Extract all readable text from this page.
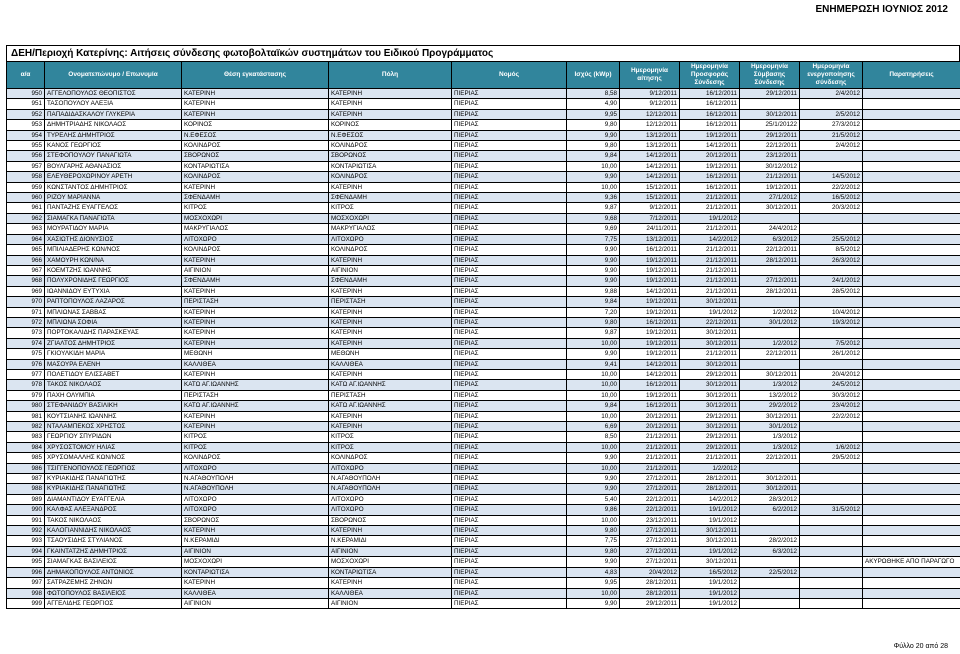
ΕΝΗΜΕΡΩΣΗ ΙΟΥΝΙΟΣ 2012
ΔΕΗ/Περιοχή Κατερίνης: Αιτήσεις σύνδεσης φωτοβολταϊκών συστημάτων του Ειδικού Προγράμματος
α/α	Ονοματεπώνυμο / Επωνυμία	Θέση εγκατάστασης	Πόλη	Νομός	Ισχύς (kWp)	Ημερομηνία αίτησης	Ημερομηνία Προσφοράς Σύνδεσης	Ημερομηνία Σύμβασης Σύνδεσης	Ημερομηνία ενεργοποίησης σύνδεσης	Παρατηρήσεις
950	ΑΓΓΕΛΟΠΟΥΛΟΣ ΘΕΟΠΙΣΤΟΣ	ΚΑΤΕΡΙΝΗ	ΚΑΤΕΡΙΝΗ	ΠΙΕΡΙΑΣ	8,58	9/12/2011	16/12/2011	29/12/2011	2/4/2012	
951	ΤΑΣΟΠΟΥΛΟΥ ΑΛΕΞΙΑ	ΚΑΤΕΡΙΝΗ	ΚΑΤΕΡΙΝΗ	ΠΙΕΡΙΑΣ	4,90	9/12/2011	16/12/2011			
952	ΠΑΠΑΔΙΔΑΣΚΑΛΟΥ ΓΛΥΚΕΡΙΑ	ΚΑΤΕΡΙΝΗ	ΚΑΤΕΡΙΝΗ	ΠΙΕΡΙΑΣ	9,95	12/12/2011	16/12/2011	30/12/2011	2/5/2012	
953	ΔΗΜΗΤΡΙΑΔΗΣ ΝΙΚΟΛΑΟΣ	ΚΟΡΙΝΟΣ	ΚΟΡΙΝΟΣ	ΠΙΕΡΙΑΣ	9,80	12/12/2011	16/12/2011	25/1/20122	27/3/2012	
954	ΤΥΡΕΛΗΣ ΔΗΜΗΤΡΙΟΣ	Ν.ΕΦΕΣΟΣ	Ν.ΕΦΕΣΟΣ	ΠΙΕΡΙΑΣ	9,90	13/12/2011	19/12/2011	29/12/2011	21/5/2012	
955	ΚΑΝΟΣ ΓΕΩΡΓΙΟΣ	ΚΟΛΙΝΔΡΟΣ	ΚΟΛΙΝΔΡΟΣ	ΠΙΕΡΙΑΣ	9,80	13/12/2011	14/12/2011	22/12/2011	2/4/2012	
956	ΣΤΕΦΟΠΟΥΛΟΥ ΠΑΝΑΓΙΩΤΑ	ΣΒΟΡΩΝΟΣ	ΣΒΟΡΩΝΟΣ	ΠΙΕΡΙΑΣ	9,84	14/12/2011	20/12/2011	23/12/2011		
957	ΒΟΥΛΓΑΡΗΣ ΑΘΑΝΑΣΙΟΣ	ΚΟΝΤΑΡΙΩΤΙΣΑ	ΚΟΝΤΑΡΙΩΤΙΣΑ	ΠΙΕΡΙΑΣ	10,00	14/12/2011	19/12/2011	30/12/2012		
958	ΕΛΕΥΘΕΡΟΧΩΡΙΝΟΥ ΑΡΕΤΗ	ΚΟΛΙΝΔΡΟΣ	ΚΟΛΙΝΔΡΟΣ	ΠΙΕΡΙΑΣ	9,90	14/12/2011	16/12/2011	21/12/2011	14/5/2012	
959	ΚΩΝΣΤΑΝΤΟΣ ΔΗΜΗΤΡΙΟΣ	ΚΑΤΕΡΙΝΗ	ΚΑΤΕΡΙΝΗ	ΠΙΕΡΙΑΣ	10,00	15/12/2011	16/12/2011	19/12/2011	22/2/2012	
960	ΡΙΖΟΥ ΜΑΡΙΑΝΝΑ	ΣΦΕΝΔΑΜΗ	ΣΦΕΝΔΑΜΗ	ΠΙΕΡΙΑΣ	9,36	15/12/2011	21/12/2011	27/1/2012	16/5/2012	
961	ΠΑΝΤΑΖΗΣ ΕΥΑΓΓΕΛΟΣ	ΚΙΤΡΟΣ	ΚΙΤΡΟΣ	ΠΙΕΡΙΑΣ	9,87	9/12/2011	21/12/2011	30/12/2011	20/3/2012	
962	ΣΙΑΜΑΓΚΑ ΠΑΝΑΓΙΩΤΑ	ΜΟΣΧΟΧΩΡΙ	ΜΟΣΧΟΧΩΡΙ	ΠΙΕΡΙΑΣ	9,68	7/12/2011	19/1/2012			
963	ΜΟΥΡΑΤΙΔΟΥ ΜΑΡΙΑ	ΜΑΚΡΥΓΙΑΛΟΣ	ΜΑΚΡΥΓΙΑΛΟΣ	ΠΙΕΡΙΑΣ	9,69	24/11/2011	21/12/2011	24/4/2012		
964	ΧΑΣΙΩΤΗΣ ΔΙΟΝΥΣΙΟΣ	ΛΙΤΟΧΩΡΟ	ΛΙΤΟΧΩΡΟ	ΠΙΕΡΙΑΣ	7,75	13/12/2011	14/2/2012	6/3/2012	25/5/2012	
965	ΜΠΙΛΙΑΔΕΡΗΣ ΚΩΝ/ΝΟΣ	ΚΟΛΙΝΔΡΟΣ	ΚΟΛΙΝΔΡΟΣ	ΠΙΕΡΙΑΣ	9,90	16/12/2011	21/12/2011	22/12/2011	8/5/2012	
966	ΧΑΜΟΥΡΗ ΚΩΝ/ΝΑ	ΚΑΤΕΡΙΝΗ	ΚΑΤΕΡΙΝΗ	ΠΙΕΡΙΑΣ	9,90	19/12/2011	21/12/2011	28/12/2011	26/3/2012	
967	ΚΟΕΜΤΖΗΣ ΙΩΑΝΝΗΣ	ΑΙΓΙΝΙΟΝ	ΑΙΓΙΝΙΟΝ	ΠΙΕΡΙΑΣ	9,90	19/12/2011	21/12/2011			
968	ΠΟΛΥΧΡΟΝΙΔΗΣ ΓΕΩΡΓΙΟΣ	ΣΦΕΝΔΑΜΗ	ΣΦΕΝΔΑΜΗ	ΠΙΕΡΙΑΣ	9,90	19/12/2011	21/12/2011	27/12/2011	24/1/2012	
969	ΙΩΑΝΝΙΔΟΥ ΕΥΤΥΧΙΑ	ΚΑΤΕΡΙΝΗ	ΚΑΤΕΡΙΝΗ	ΠΙΕΡΙΑΣ	9,88	14/12/2011	21/12/2011	28/12/2011	28/5/2012	
970	ΡΑΠΤΟΠΟΥΛΟΣ ΛΑΖΑΡΟΣ	ΠΕΡΙΣΤΑΣΗ	ΠΕΡΙΣΤΑΣΗ	ΠΙΕΡΙΑΣ	9,84	19/12/2011	30/12/2011			
971	ΜΠΛΙΩΝΑΣ ΣΑΒΒΑΣ	ΚΑΤΕΡΙΝΗ	ΚΑΤΕΡΙΝΗ	ΠΙΕΡΙΑΣ	7,20	19/12/2011	19/1/2012	1/2/2012	10/4/2012	
972	ΜΠΛΙΩΝΑ ΣΟΦΙΑ	ΚΑΤΕΡΙΝΗ	ΚΑΤΕΡΙΝΗ	ΠΙΕΡΙΑΣ	9,80	16/12/2011	22/12/2011	30/1/2012	19/3/2012	
973	ΠΟΡΤΟΚΑΛΙΔΗΣ ΠΑΡΑΣΚΕΥΑΣ	ΚΑΤΕΡΙΝΗ	ΚΑΤΕΡΙΝΗ	ΠΙΕΡΙΑΣ	9,87	19/12/2011	30/12/2011			
974	ΖΓΙΑΛΤΟΣ ΔΗΜΗΤΡΙΟΣ	ΚΑΤΕΡΙΝΗ	ΚΑΤΕΡΙΝΗ	ΠΙΕΡΙΑΣ	10,00	19/12/2011	30/12/2011	1/2/2012	7/5/2012	
975	ΓΚΙΟΥΛΚΙΔΗ ΜΑΡΙΑ	ΜΕΘΩΝΗ	ΜΕΘΩΝΗ	ΠΙΕΡΙΑΣ	9,90	19/12/2011	21/12/2011	22/12/2011	26/1/2012	
976	ΜΑΣΟΥΡΑ ΕΛΕΝΗ	ΚΑΛΛΙΘΕΑ	ΚΑΛΛΙΘΕΑ	ΠΙΕΡΙΑΣ	9,41	14/12/2011	30/12/2011			
977	ΠΟΛΕΤΙΔΟΥ ΕΛΙΣΣΑΒΕΤ	ΚΑΤΕΡΙΝΗ	ΚΑΤΕΡΙΝΗ	ΠΙΕΡΙΑΣ	10,00	14/12/2011	29/12/2011	30/12/2011	20/4/2012	
978	ΤΑΚΟΣ ΝΙΚΟΛΑΟΣ	ΚΑΤΩ ΑΓ.ΙΩΑΝΝΗΣ	ΚΑΤΩ ΑΓ.ΙΩΑΝΝΗΣ	ΠΙΕΡΙΑΣ	10,00	16/12/2011	30/12/2011	1/3/2012	24/5/2012	
979	ΠΑΧΗ ΟΛΥΜΠΙΑ	ΠΕΡΙΣΤΑΣΗ	ΠΕΡΙΣΤΑΣΗ	ΠΙΕΡΙΑΣ	10,00	19/12/2011	30/12/2011	13/2/2012	30/3/2012	
980	ΣΤΕΦΑΝΙΔΟΥ ΒΑΣΙΛΙΚΗ	ΚΑΤΩ ΑΓ.ΙΩΑΝΝΗΣ	ΚΑΤΩ ΑΓ.ΙΩΑΝΝΗΣ	ΠΙΕΡΙΑΣ	9,84	16/12/2011	30/12/2011	29/2/2012	23/4/2012	
981	ΚΟΥΤΣΙΑΝΗΣ ΙΩΑΝΝΗΣ	ΚΑΤΕΡΙΝΗ	ΚΑΤΕΡΙΝΗ	ΠΙΕΡΙΑΣ	10,00	20/12/2011	29/12/2011	30/12/2011	22/2/2012	
982	ΝΤΑΛΑΜΠΕΚΟΣ ΧΡΗΣΤΟΣ	ΚΑΤΕΡΙΝΗ	ΚΑΤΕΡΙΝΗ	ΠΙΕΡΙΑΣ	6,69	20/12/2011	30/12/2011	30/1/2012		
983	ΓΕΩΡΓΙΟΥ ΣΠΥΡΙΔΩΝ	ΚΙΤΡΟΣ	ΚΙΤΡΟΣ	ΠΙΕΡΙΑΣ	8,50	21/12/2011	29/12/2011	1/3/2012		
984	ΧΡΥΣΟΣΤΟΜΟΥ ΗΛΙΑΣ	ΚΙΤΡΟΣ	ΚΙΤΡΟΣ	ΠΙΕΡΙΑΣ	10,00	21/12/2011	29/12/2011	1/3/2012	1/6/2012	
985	ΧΡΥΣΟΜΑΛΛΗΣ ΚΩΝ/ΝΟΣ	ΚΟΛΙΝΔΡΟΣ	ΚΟΛΙΝΔΡΟΣ	ΠΙΕΡΙΑΣ	9,90	21/12/2011	21/12/2011	22/12/2011	29/5/2012	
986	ΤΣΙΓΓΕΝΟΠΟΥΛΟΣ ΓΕΩΡΓΙΟΣ	ΛΙΤΟΧΩΡΟ	ΛΙΤΟΧΩΡΟ	ΠΙΕΡΙΑΣ	10,00	21/12/2011	1/2/2012			
987	ΚΥΡΙΑΚΙΔΗΣ ΠΑΝΑΓΙΩΤΗΣ	Ν.ΑΓΑΘΟΥΠΟΛΗ	Ν.ΑΓΑΘΟΥΠΟΛΗ	ΠΙΕΡΙΑΣ	9,90	27/12/2011	28/12/2011	30/12/2011		
988	ΚΥΡΙΑΚΙΔΗΣ ΠΑΝΑΓΙΩΤΗΣ	Ν.ΑΓΑΘΟΥΠΟΛΗ	Ν.ΑΓΑΘΟΥΠΟΛΗ	ΠΙΕΡΙΑΣ	9,90	27/12/2011	28/12/2011	30/12/2011		
989	ΔΙΑΜΑΝΤΙΔΟΥ ΕΥΑΓΓΕΛΙΑ	ΛΙΤΟΧΩΡΟ	ΛΙΤΟΧΩΡΟ	ΠΙΕΡΙΑΣ	5,40	22/12/2011	14/2/2012	28/3/2012		
990	ΚΑΛΦΑΣ ΑΛΕΞΑΝΔΡΟΣ	ΛΙΤΟΧΩΡΟ	ΛΙΤΟΧΩΡΟ	ΠΙΕΡΙΑΣ	9,86	22/12/2011	19/1/2012	6/2/2012	31/5/2012	
991	ΤΑΚΟΣ ΝΙΚΟΛΑΟΣ	ΣΒΟΡΩΝΟΣ	ΣΒΟΡΩΝΟΣ	ΠΙΕΡΙΑΣ	10,00	23/12/2011	19/1/2012			
992	ΚΑΛΟΓΙΑΝΝΙΔΗΣ ΝΙΚΟΛΑΟΣ	ΚΑΤΕΡΙΝΗ	ΚΑΤΕΡΙΝΗ	ΠΙΕΡΙΑΣ	9,80	27/12/2011	30/12/2011			
993	ΤΣΑΟΥΣΙΔΗΣ ΣΤΥΛΙΑΝΟΣ	Ν.ΚΕΡΑΜΙΔΙ	Ν.ΚΕΡΑΜΙΔΙ	ΠΙΕΡΙΑΣ	7,75	27/12/2011	30/12/2011	28/2/2012		
994	ΓΚΑΙΝΤΑΤΖΗΣ ΔΗΜΗΤΡΙΟΣ	ΑΙΓΙΝΙΟΝ	ΑΙΓΙΝΙΟΝ	ΠΙΕΡΙΑΣ	9,80	27/12/2011	19/1/2012	6/3/2012		
995	ΣΙΑΜΑΓΚΑΣ ΒΑΣΙΛΕΙΟΣ	ΜΟΣΧΟΧΩΡΙ	ΜΟΣΧΟΧΩΡΙ	ΠΙΕΡΙΑΣ	9,90	27/12/2011	30/12/2011			ΑΚΥΡΩΘΗΚΕ ΑΠΟ ΠΑΡΑΓΩΓΟ
996	ΔΗΜΑΚΟΠΟΥΛΟΣ ΑΝΤΩΝΙΟΣ	ΚΟΝΤΑΡΙΩΤΙΣΑ	ΚΟΝΤΑΡΙΩΤΙΣΑ	ΠΙΕΡΙΑΣ	4,83	20/4/2012	16/5/2012	22/5/2012		
997	ΣΑΤΡΑΖΕΜΗΣ ΖΗΝΩΝ	ΚΑΤΕΡΙΝΗ	ΚΑΤΕΡΙΝΗ	ΠΙΕΡΙΑΣ	9,95	28/12/2011	19/1/2012			
998	ΦΩΤΟΠΟΥΛΟΣ ΒΑΣΙΛΕΙΟΣ	ΚΑΛΛΙΘΕΑ	ΚΑΛΛΙΘΕΑ	ΠΙΕΡΙΑΣ	10,00	28/12/2011	19/1/2012			
999	ΑΓΓΕΛΙΔΗΣ ΓΕΩΡΓΙΟΣ	ΑΙΓΙΝΙΟΝ	ΑΙΓΙΝΙΟΝ	ΠΙΕΡΙΑΣ	9,90	29/12/2011	19/1/2012			
Φύλλο 20 από 28
